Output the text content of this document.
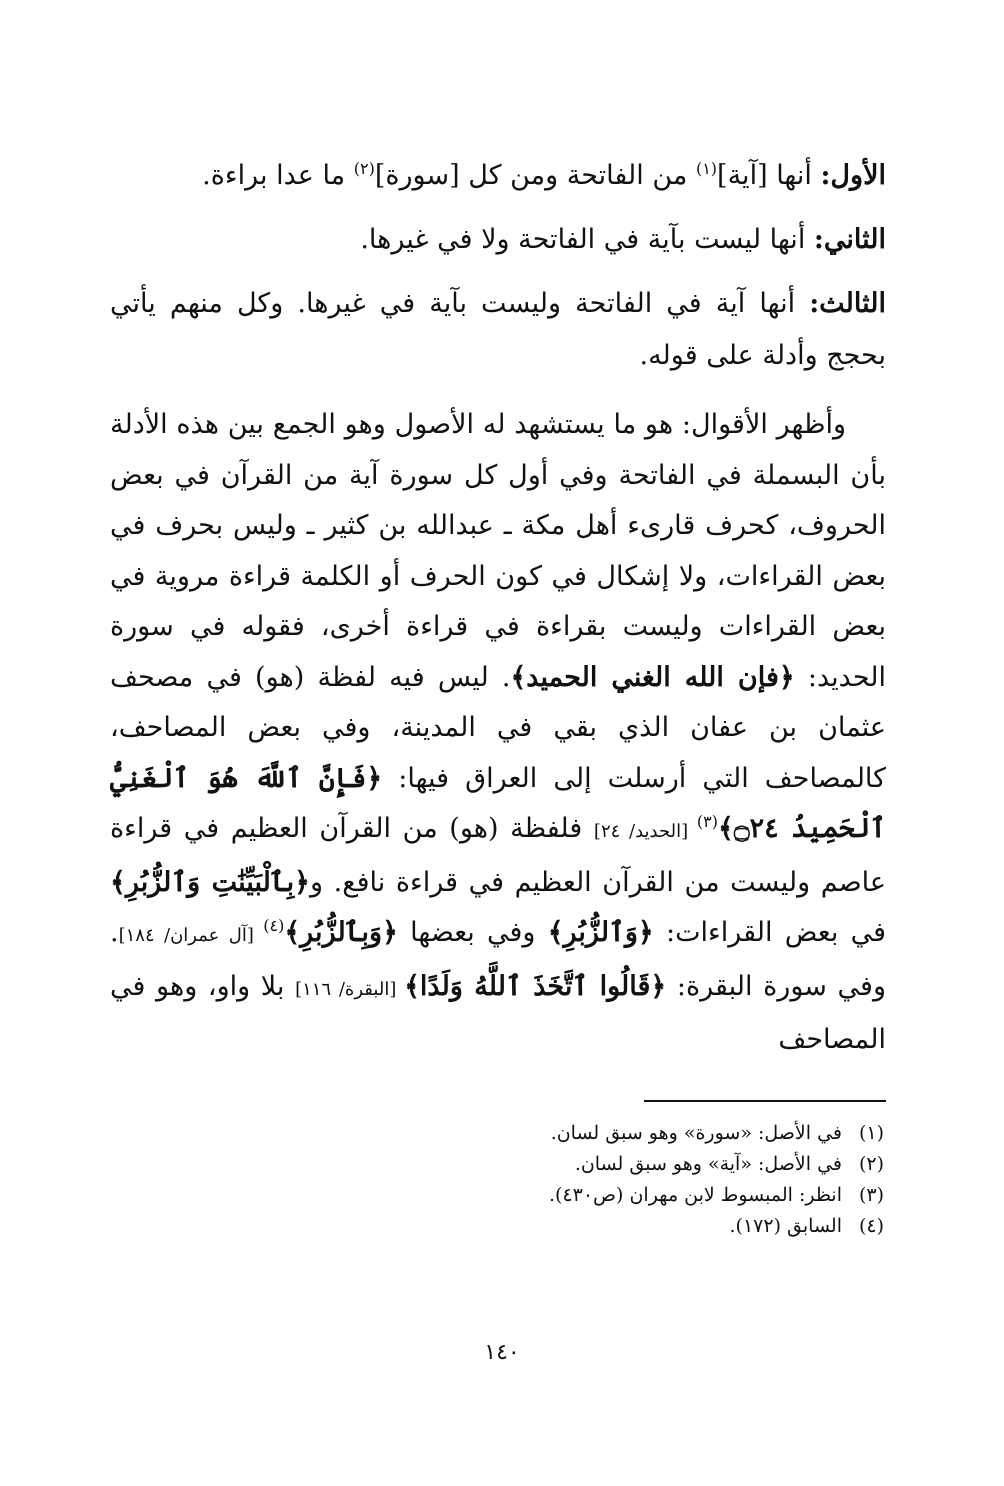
الأول: أنها [آية]$^{(١)}$ من الفاتحة ومن كل [سورة]$^{(٢)}$ ما عدا براءة.

الثاني: أنها ليست بآية في الفاتحة ولا في غيرها.

الثالث: أنها آية في الفاتحة وليست بآية في غيرها. وكل منهم يأتي بحجج وأدلة على قوله.

وأظهر الأقوال: هو ما يستشهد له الأصول وهو الجمع بين هذه الأدلة بأن البسملة في الفاتحة وفي أول كل سورة آية من القرآن في بعض الحروف، كحرف قارىء أهل مكة ـ عبدالله بن كثير ـ وليس بحرف في بعض القراءات، ولا إشكال في كون الحرف أو الكلمة قراءة مروية في بعض القراءات وليست بقراءة في قراءة أخرى، فقوله في سورة الحديد: ﴿فإن الله الغني الحميد﴾. ليس فيه لفظة (هو) في مصحف عثمان بن عفان الذي بقي في المدينة، وفي بعض المصاحف، كالمصاحف التي أرسلت إلى العراق فيها: ﴿فَإِنَّ ٱللَّهَ هُوَ ٱلْغَنِيُّ ٱلْحَمِيدُ ۝٢٤﴾$^{(٣)}$ [الحديد/ ٢٤] فلفظة (هو) من القرآن العظيم في قراءة عاصم وليست من القرآن العظيم في قراءة نافع. و﴿بِٱلْبَيِّنَٰتِ وَٱلزُّبُرِ﴾ في بعض القراءات: ﴿وَٱلزُّبُرِ﴾ وفي بعضها ﴿وَبِٱلزُّبُرِ﴾$^{(٤)}$ [آل عمران/ ١٨٤]. وفي سورة البقرة: ﴿قَالُوا ٱتَّخَذَ ٱللَّهُ وَلَدًا﴾ [البقرة/ ١١٦] بلا واو، وهو في المصاحف

(١)في الأصل: «سورة» وهو سبق لسان.

(٢)في الأصل: «آية» وهو سبق لسان.

(٣)انظر: المبسوط لابن مهران (ص٤٣٠).

(٤)السابق (١٧٢).

١٤٠
